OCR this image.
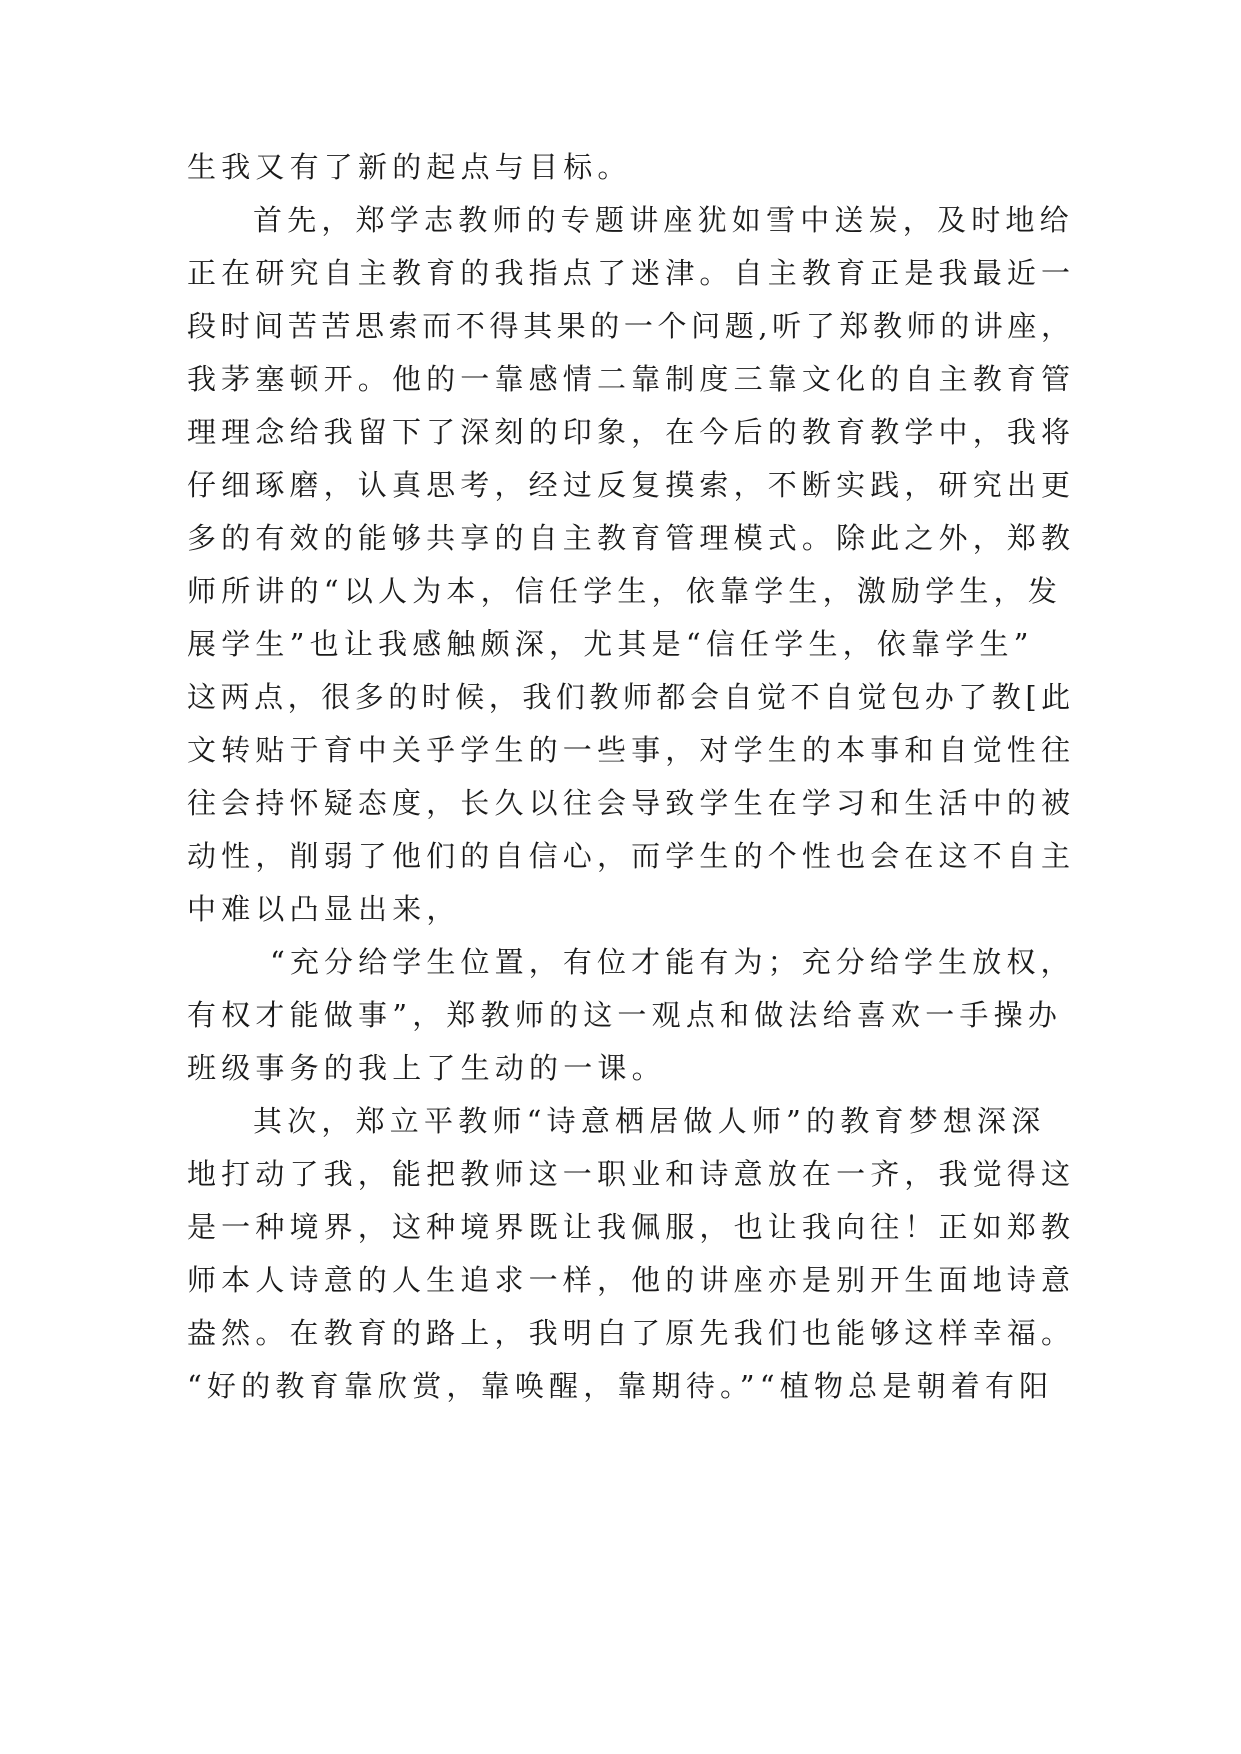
生我又有了新的起点与目标。
首先，郑学志教师的专题讲座犹如雪中送炭，及时地给
正在研究自主教育的我指点了迷津。自主教育正是我最近一
段时间苦苦思索而不得其果的一个问题,听了郑教师的讲座，
我茅塞顿开。他的一靠感情二靠制度三靠文化的自主教育管
理理念给我留下了深刻的印象，在今后的教育教学中，我将
仔细琢磨，认真思考，经过反复摸索，不断实践，研究出更
多的有效的能够共享的自主教育管理模式。除此之外，郑教
师所讲的“以人为本，信任学生，依靠学生，激励学生，发
展学生”也让我感触颇深，尤其是“信任学生，依靠学生”
这两点，很多的时候，我们教师都会自觉不自觉包办了教[此
文转贴于育中关乎学生的一些事，对学生的本事和自觉性往
往会持怀疑态度，长久以往会导致学生在学习和生活中的被
动性，削弱了他们的自信心，而学生的个性也会在这不自主
中难以凸显出来，
“充分给学生位置，有位才能有为；充分给学生放权，
有权才能做事”，郑教师的这一观点和做法给喜欢一手操办
班级事务的我上了生动的一课。
其次，郑立平教师“诗意栖居做人师”的教育梦想深深
地打动了我，能把教师这一职业和诗意放在一齐，我觉得这
是一种境界，这种境界既让我佩服，也让我向往！正如郑教
师本人诗意的人生追求一样，他的讲座亦是别开生面地诗意
盎然。在教育的路上，我明白了原先我们也能够这样幸福。
“好的教育靠欣赏，靠唤醒，靠期待。”“植物总是朝着有阳
